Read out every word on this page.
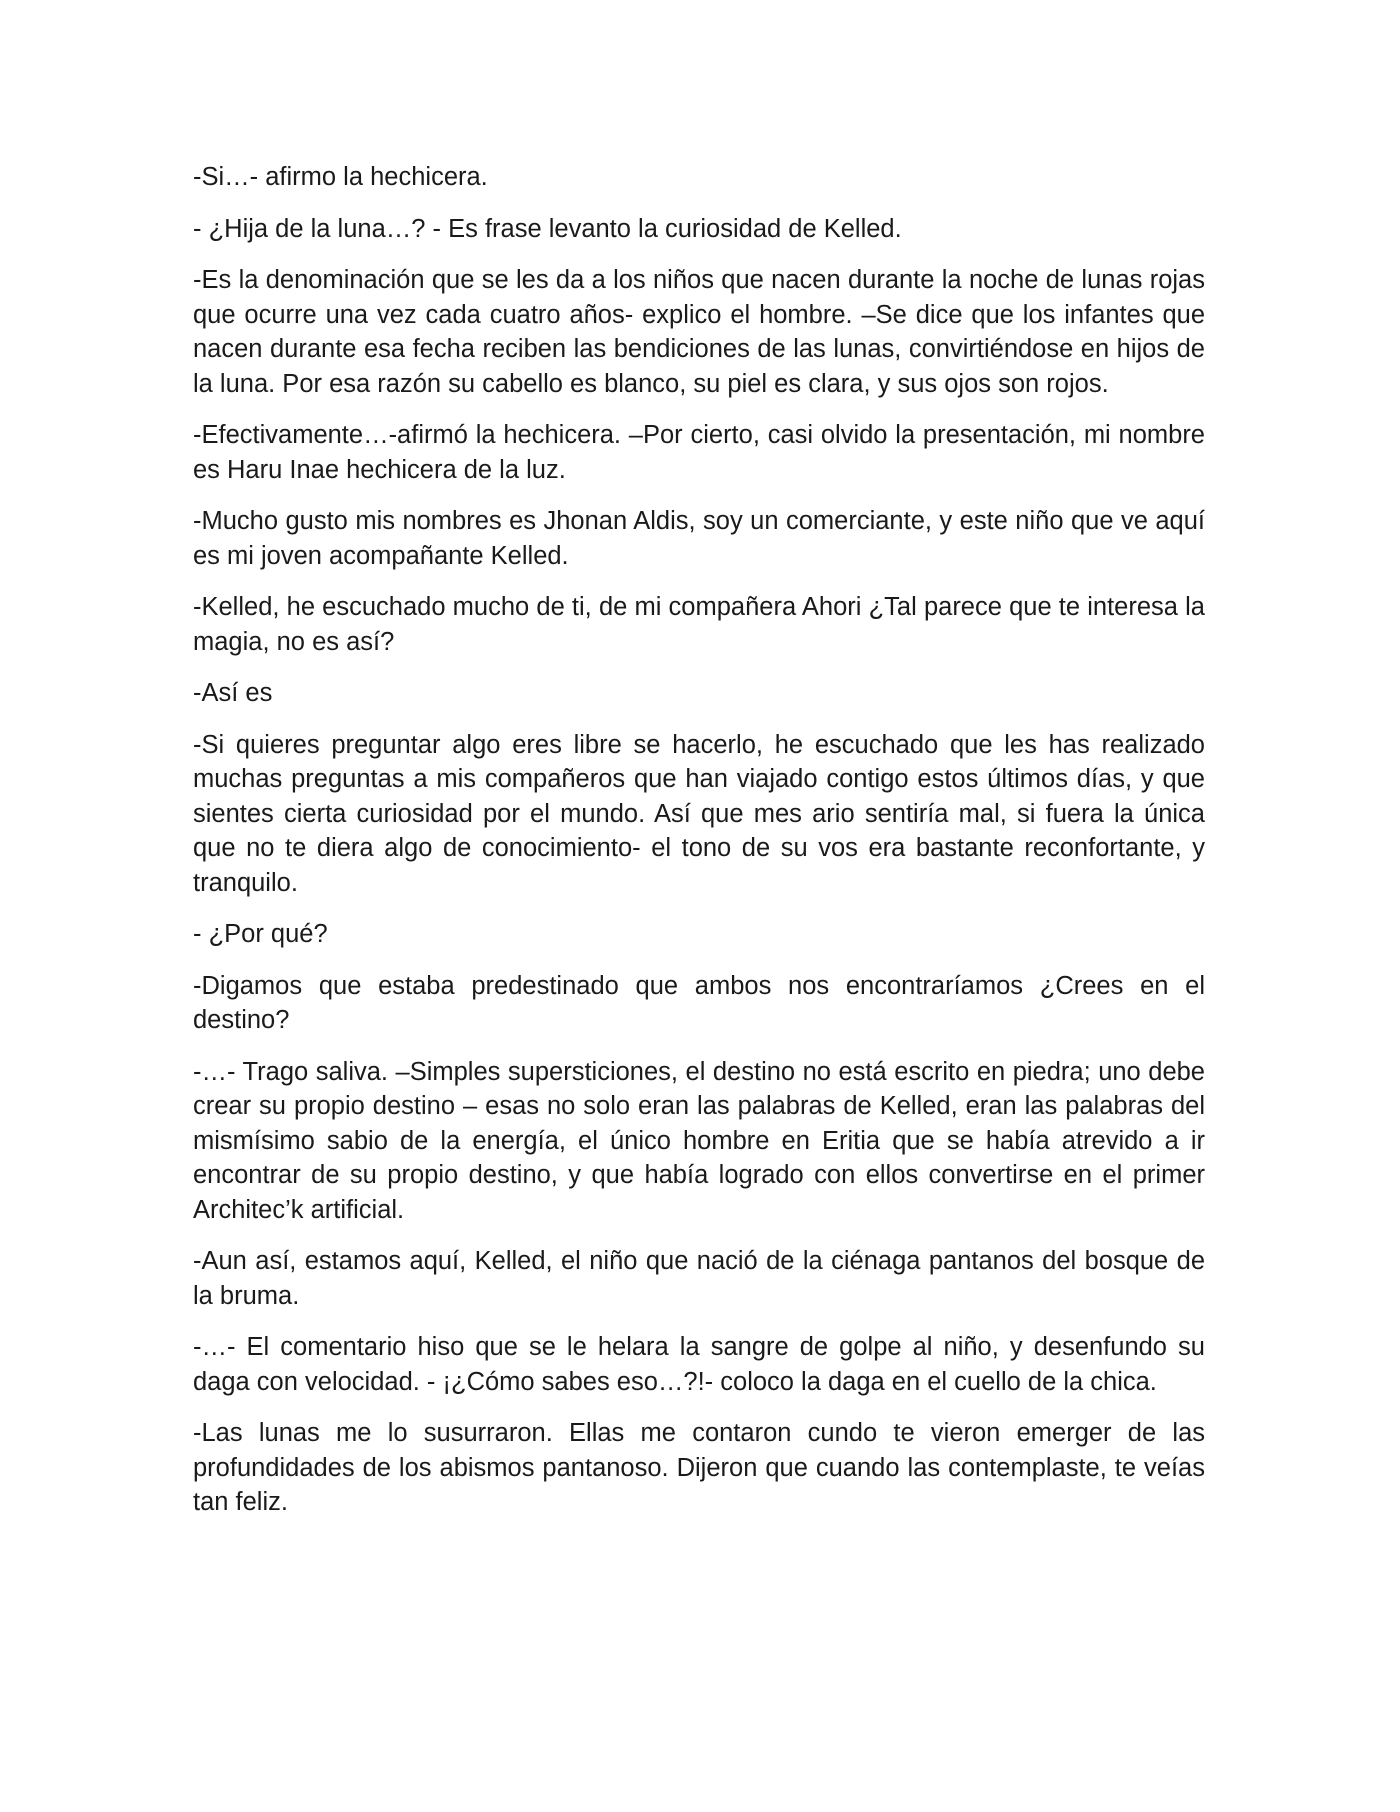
-Si…- afirmo la hechicera.

- ¿Hija de la luna…? - Es frase levanto la curiosidad de Kelled.

-Es la denominación que se les da a los niños que nacen durante la noche de lunas rojas que ocurre una vez cada cuatro años- explico el hombre. –Se dice que los infantes que nacen durante esa fecha reciben las bendiciones de las lunas, convirtiéndose en hijos de la luna. Por esa razón su cabello es blanco, su piel es clara, y sus ojos son rojos.

-Efectivamente…-afirmó la hechicera. –Por cierto, casi olvido la presentación, mi nombre es Haru Inae hechicera de la luz.

-Mucho gusto mis nombres es Jhonan Aldis, soy un comerciante, y este niño que ve aquí es mi joven acompañante Kelled.

-Kelled, he escuchado mucho de ti, de mi compañera Ahori ¿Tal parece que te interesa la magia, no es así?

-Así es

-Si quieres preguntar algo eres libre se hacerlo, he escuchado que les has realizado muchas preguntas a mis compañeros que han viajado contigo estos últimos días, y que sientes cierta curiosidad por el mundo. Así que mes ario sentiría mal, si fuera la única que no te diera algo de conocimiento- el tono de su vos era bastante reconfortante, y tranquilo.

- ¿Por qué?

-Digamos que estaba predestinado que ambos nos encontraríamos ¿Crees en el destino?

-…- Trago saliva. –Simples supersticiones, el destino no está escrito en piedra; uno debe crear su propio destino – esas no solo eran las palabras de Kelled, eran las palabras del mismísimo sabio de la energía, el único hombre en Eritia que se había atrevido a ir encontrar de su propio destino, y que había logrado con ellos convertirse en el primer Architec’k artificial.

-Aun así, estamos aquí, Kelled, el niño que nació de la ciénaga pantanos del bosque de la bruma.

-…- El comentario hiso que se le helara la sangre de golpe al niño, y desenfundo su daga con velocidad. - ¡¿Cómo sabes eso…?!- coloco la daga en el cuello de la chica.

-Las lunas me lo susurraron. Ellas me contaron cundo te vieron emerger de las profundidades de los abismos pantanoso. Dijeron que cuando las contemplaste, te veías tan feliz.
